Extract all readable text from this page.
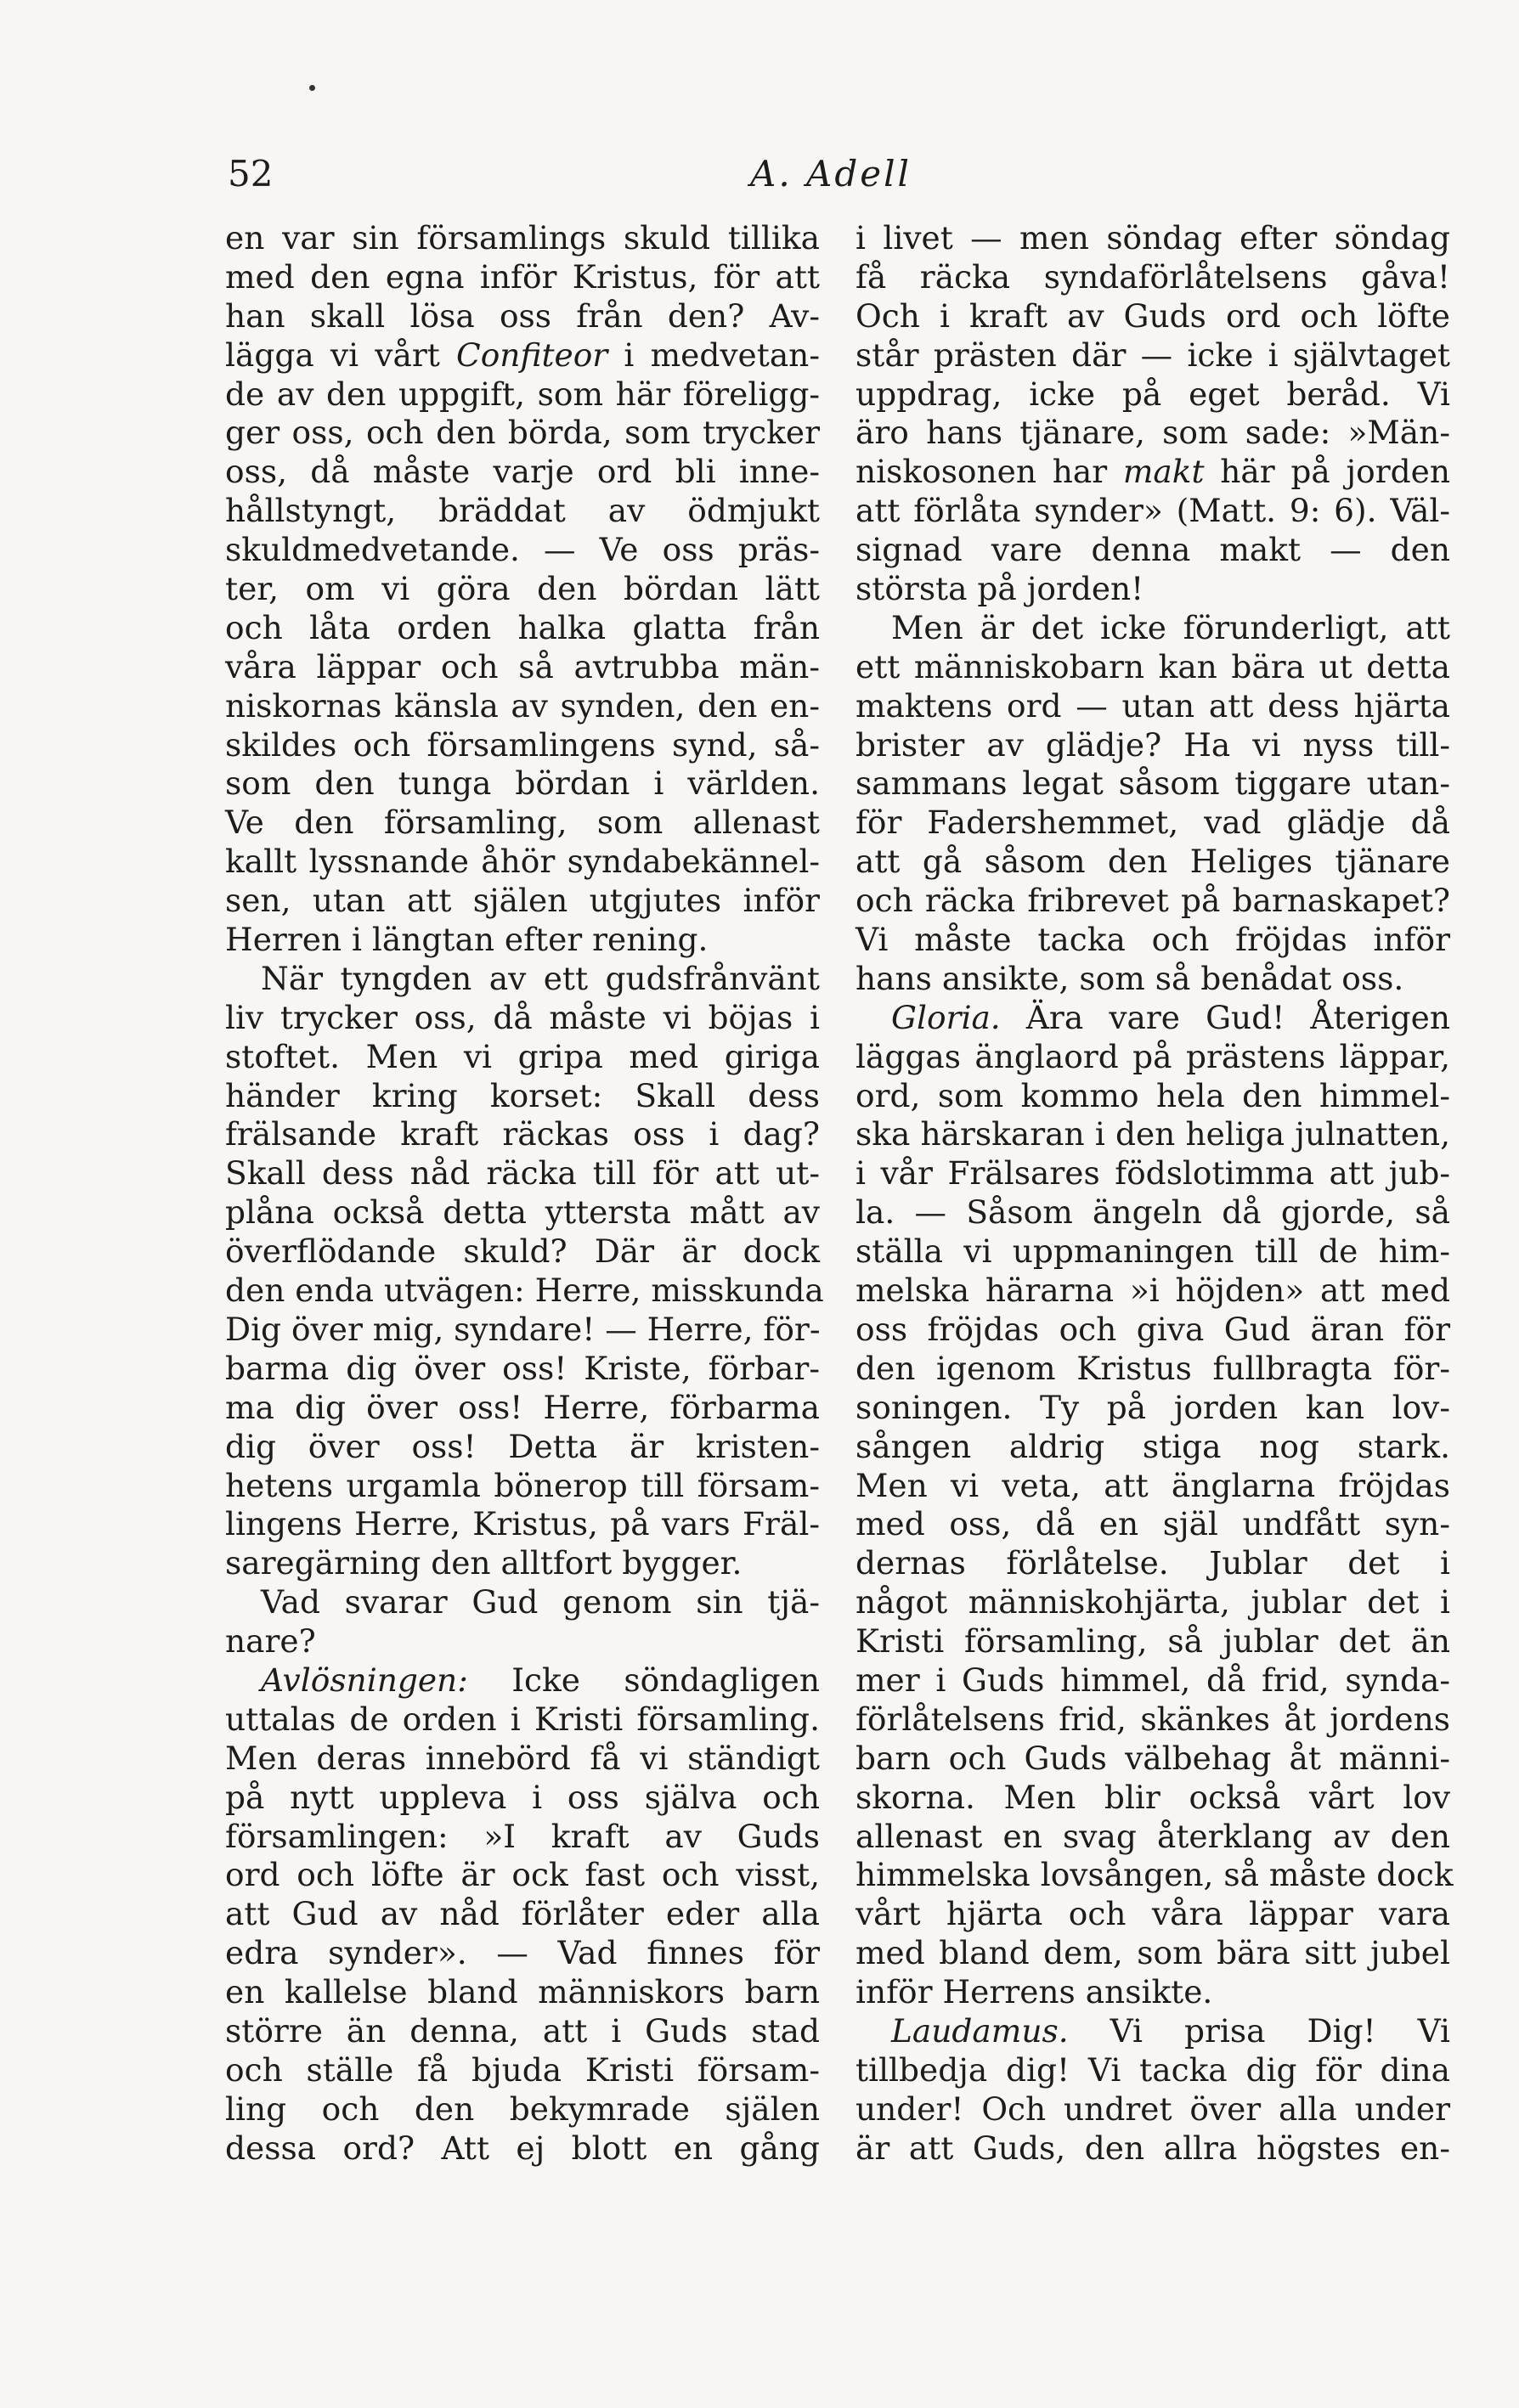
52	A. Adell
en var sin församlings skuld tillika
med den egna inför Kristus, för att
han skall lösa oss från den? Av-
lägga vi vårt Confiteor i medvetan-
de av den uppgift, som här föreligg-
ger oss, och den börda, som trycker
oss, då måste varje ord bli inne-
hållstyngt, bräddat av ödmjukt
skuldmedvetande. — Ve oss präs-
ter, om vi göra den bördan lätt
och låta orden halka glatta från
våra läppar och så avtrubba män-
niskornas känsla av synden, den en-
skildes och församlingens synd, så-
som den tunga bördan i världen.
Ve den församling, som allenast
kallt lyssnande åhör syndabekännel-
sen, utan att själen utgjutes inför
Herren i längtan efter rening.
När tyngden av ett gudsfrånvänt
liv trycker oss, då måste vi böjas i
stoftet. Men vi gripa med giriga
händer kring korset: Skall dess
frälsande kraft räckas oss i dag?
Skall dess nåd räcka till för att ut-
plåna också detta yttersta mått av
överflödande skuld? Där är dock
den enda utvägen: Herre, misskunda
Dig över mig, syndare! — Herre, för-
barma dig över oss! Kriste, förbar-
ma dig över oss! Herre, förbarma
dig över oss! Detta är kristen-
hetens urgamla bönerop till försam-
lingens Herre, Kristus, på vars Fräl-
saregärning den alltfort bygger.
Vad svarar Gud genom sin tjä-
nare?
Avlösningen: Icke söndagligen
uttalas de orden i Kristi församling.
Men deras innebörd få vi ständigt
på nytt uppleva i oss själva och
församlingen: »I kraft av Guds
ord och löfte är ock fast och visst,
att Gud av nåd förlåter eder alla
edra synder». — Vad finnes för
en kallelse bland människors barn
större än denna, att i Guds stad
och ställe få bjuda Kristi försam-
ling och den bekymrade själen
dessa ord? Att ej blott en gång
i livet — men söndag efter söndag
få räcka syndaförlåtelsens gåva!
Och i kraft av Guds ord och löfte
står prästen där — icke i självtaget
uppdrag, icke på eget beråd. Vi
äro hans tjänare, som sade: »Män-
niskosonen har makt här på jorden
att förlåta synder» (Matt. 9: 6). Väl-
signad vare denna makt — den
största på jorden!
Men är det icke förunderligt, att
ett människobarn kan bära ut detta
maktens ord — utan att dess hjärta
brister av glädje? Ha vi nyss till-
sammans legat såsom tiggare utan-
för Fadershemmet, vad glädje då
att gå såsom den Heliges tjänare
och räcka fribrevet på barnaskapet?
Vi måste tacka och fröjdas inför
hans ansikte, som så benådat oss.
Gloria. Ära vare Gud! Återigen
läggas änglaord på prästens läppar,
ord, som kommo hela den himmel-
ska härskaran i den heliga julnatten,
i vår Frälsares födslotimma att jub-
la. — Såsom ängeln då gjorde, så
ställa vi uppmaningen till de him-
melska härarna »i höjden» att med
oss fröjdas och giva Gud äran för
den igenom Kristus fullbragta för-
soningen. Ty på jorden kan lov-
sången aldrig stiga nog stark.
Men vi veta, att änglarna fröjdas
med oss, då en själ undfått syn-
dernas förlåtelse. Jublar det i
något människohjärta, jublar det i
Kristi församling, så jublar det än
mer i Guds himmel, då frid, synda-
förlåtelsens frid, skänkes åt jordens
barn och Guds välbehag åt männi-
skorna. Men blir också vårt lov
allenast en svag återklang av den
himmelska lovsången, så måste dock
vårt hjärta och våra läppar vara
med bland dem, som bära sitt jubel
inför Herrens ansikte.
Laudamus. Vi prisa Dig! Vi
tillbedja dig! Vi tacka dig för dina
under! Och undret över alla under
är att Guds, den allra högstes en-
